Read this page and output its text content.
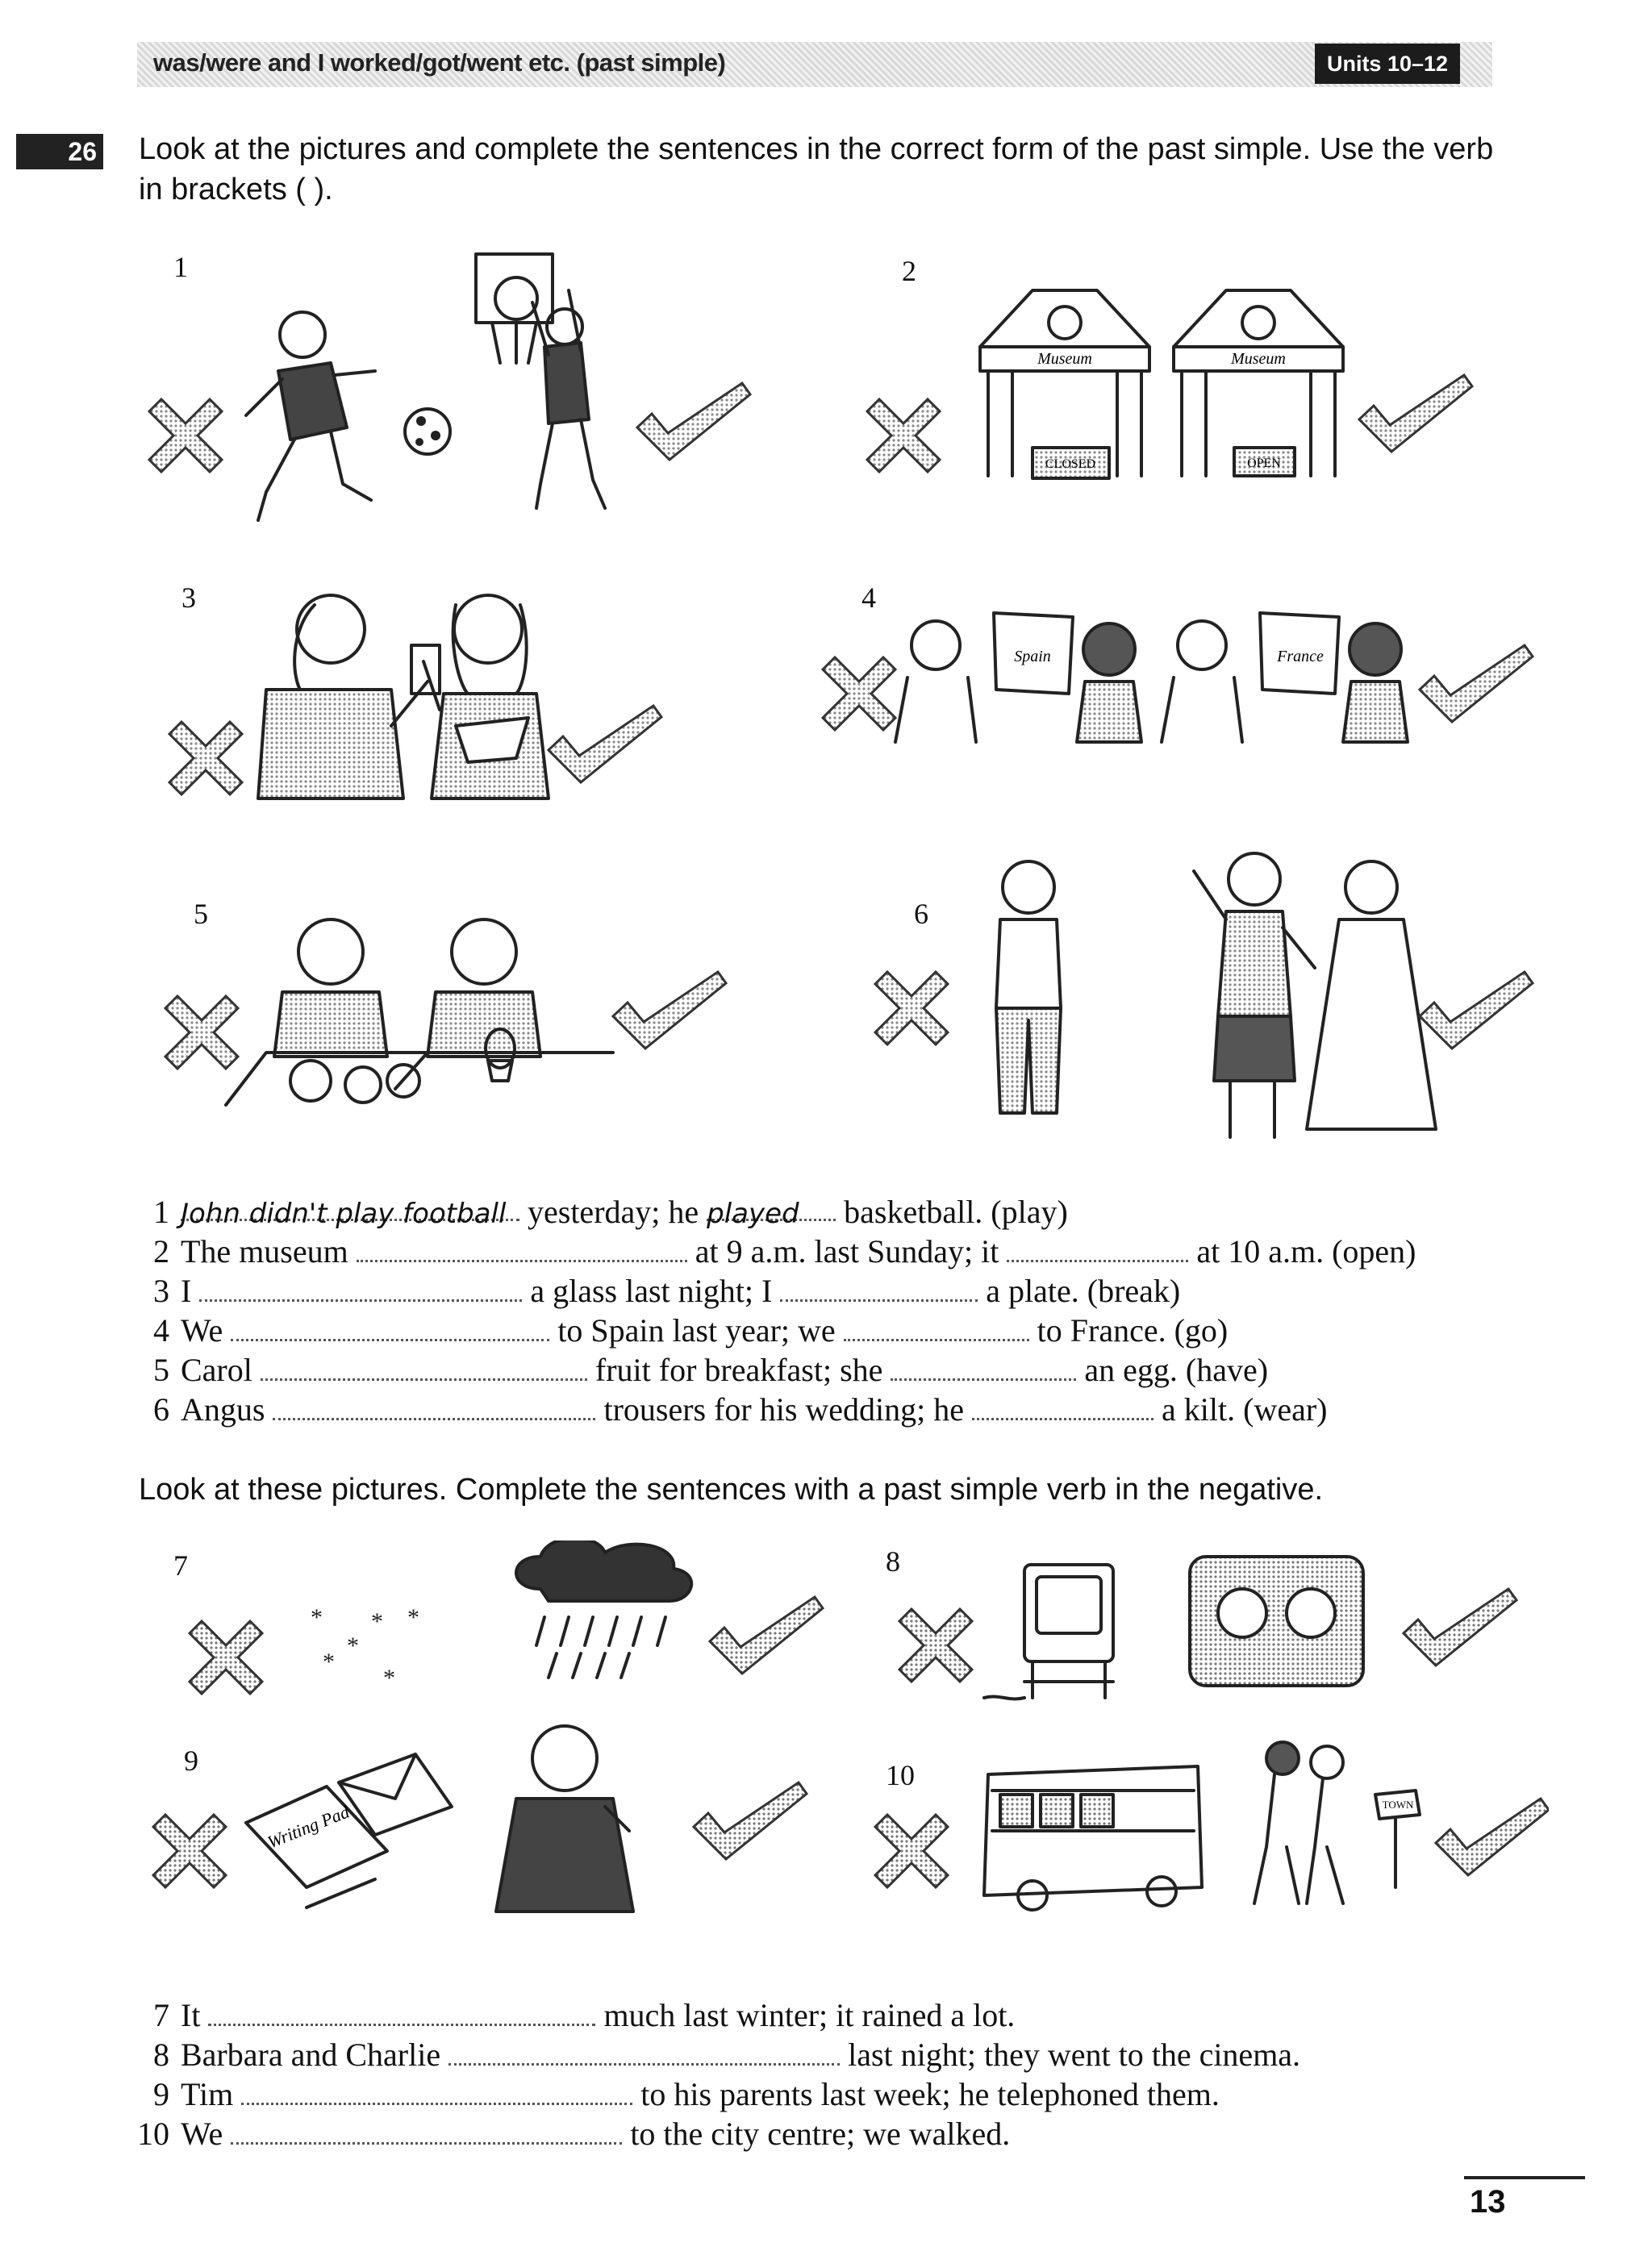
was/were and I worked/got/went etc. (past simple)	Units 10–12
26 Look at the pictures and complete the sentences in the correct form of the past simple. Use the verb in brackets ( ).
1	2
3	4
5	6
Museum
CLOSED
Museum
OPEN
Spain	France
1 John didn't play football yesterday; he played basketball. (play)
2 The museum	at 9 a.m. last Sunday; it	at 10 a.m. (open)
3 I	a glass last night; I	a plate. (break)
4 We	to Spain last year; we	to France. (go)
5 Carol	fruit for breakfast; she	an egg. (have)
6 Angus	trousers for his wedding; he	a kilt. (wear)
Look at these pictures. Complete the sentences with a past simple verb in the negative.
7	8
9	10
*
*
* *
*
*
Writing Pad	TOWN
7 It	much last winter; it rained a lot.
8 Barbara and Charlie	last night; they went to the cinema.
9 Tim	to his parents last week; he telephoned them.
10 We	to the city centre; we walked.
13
